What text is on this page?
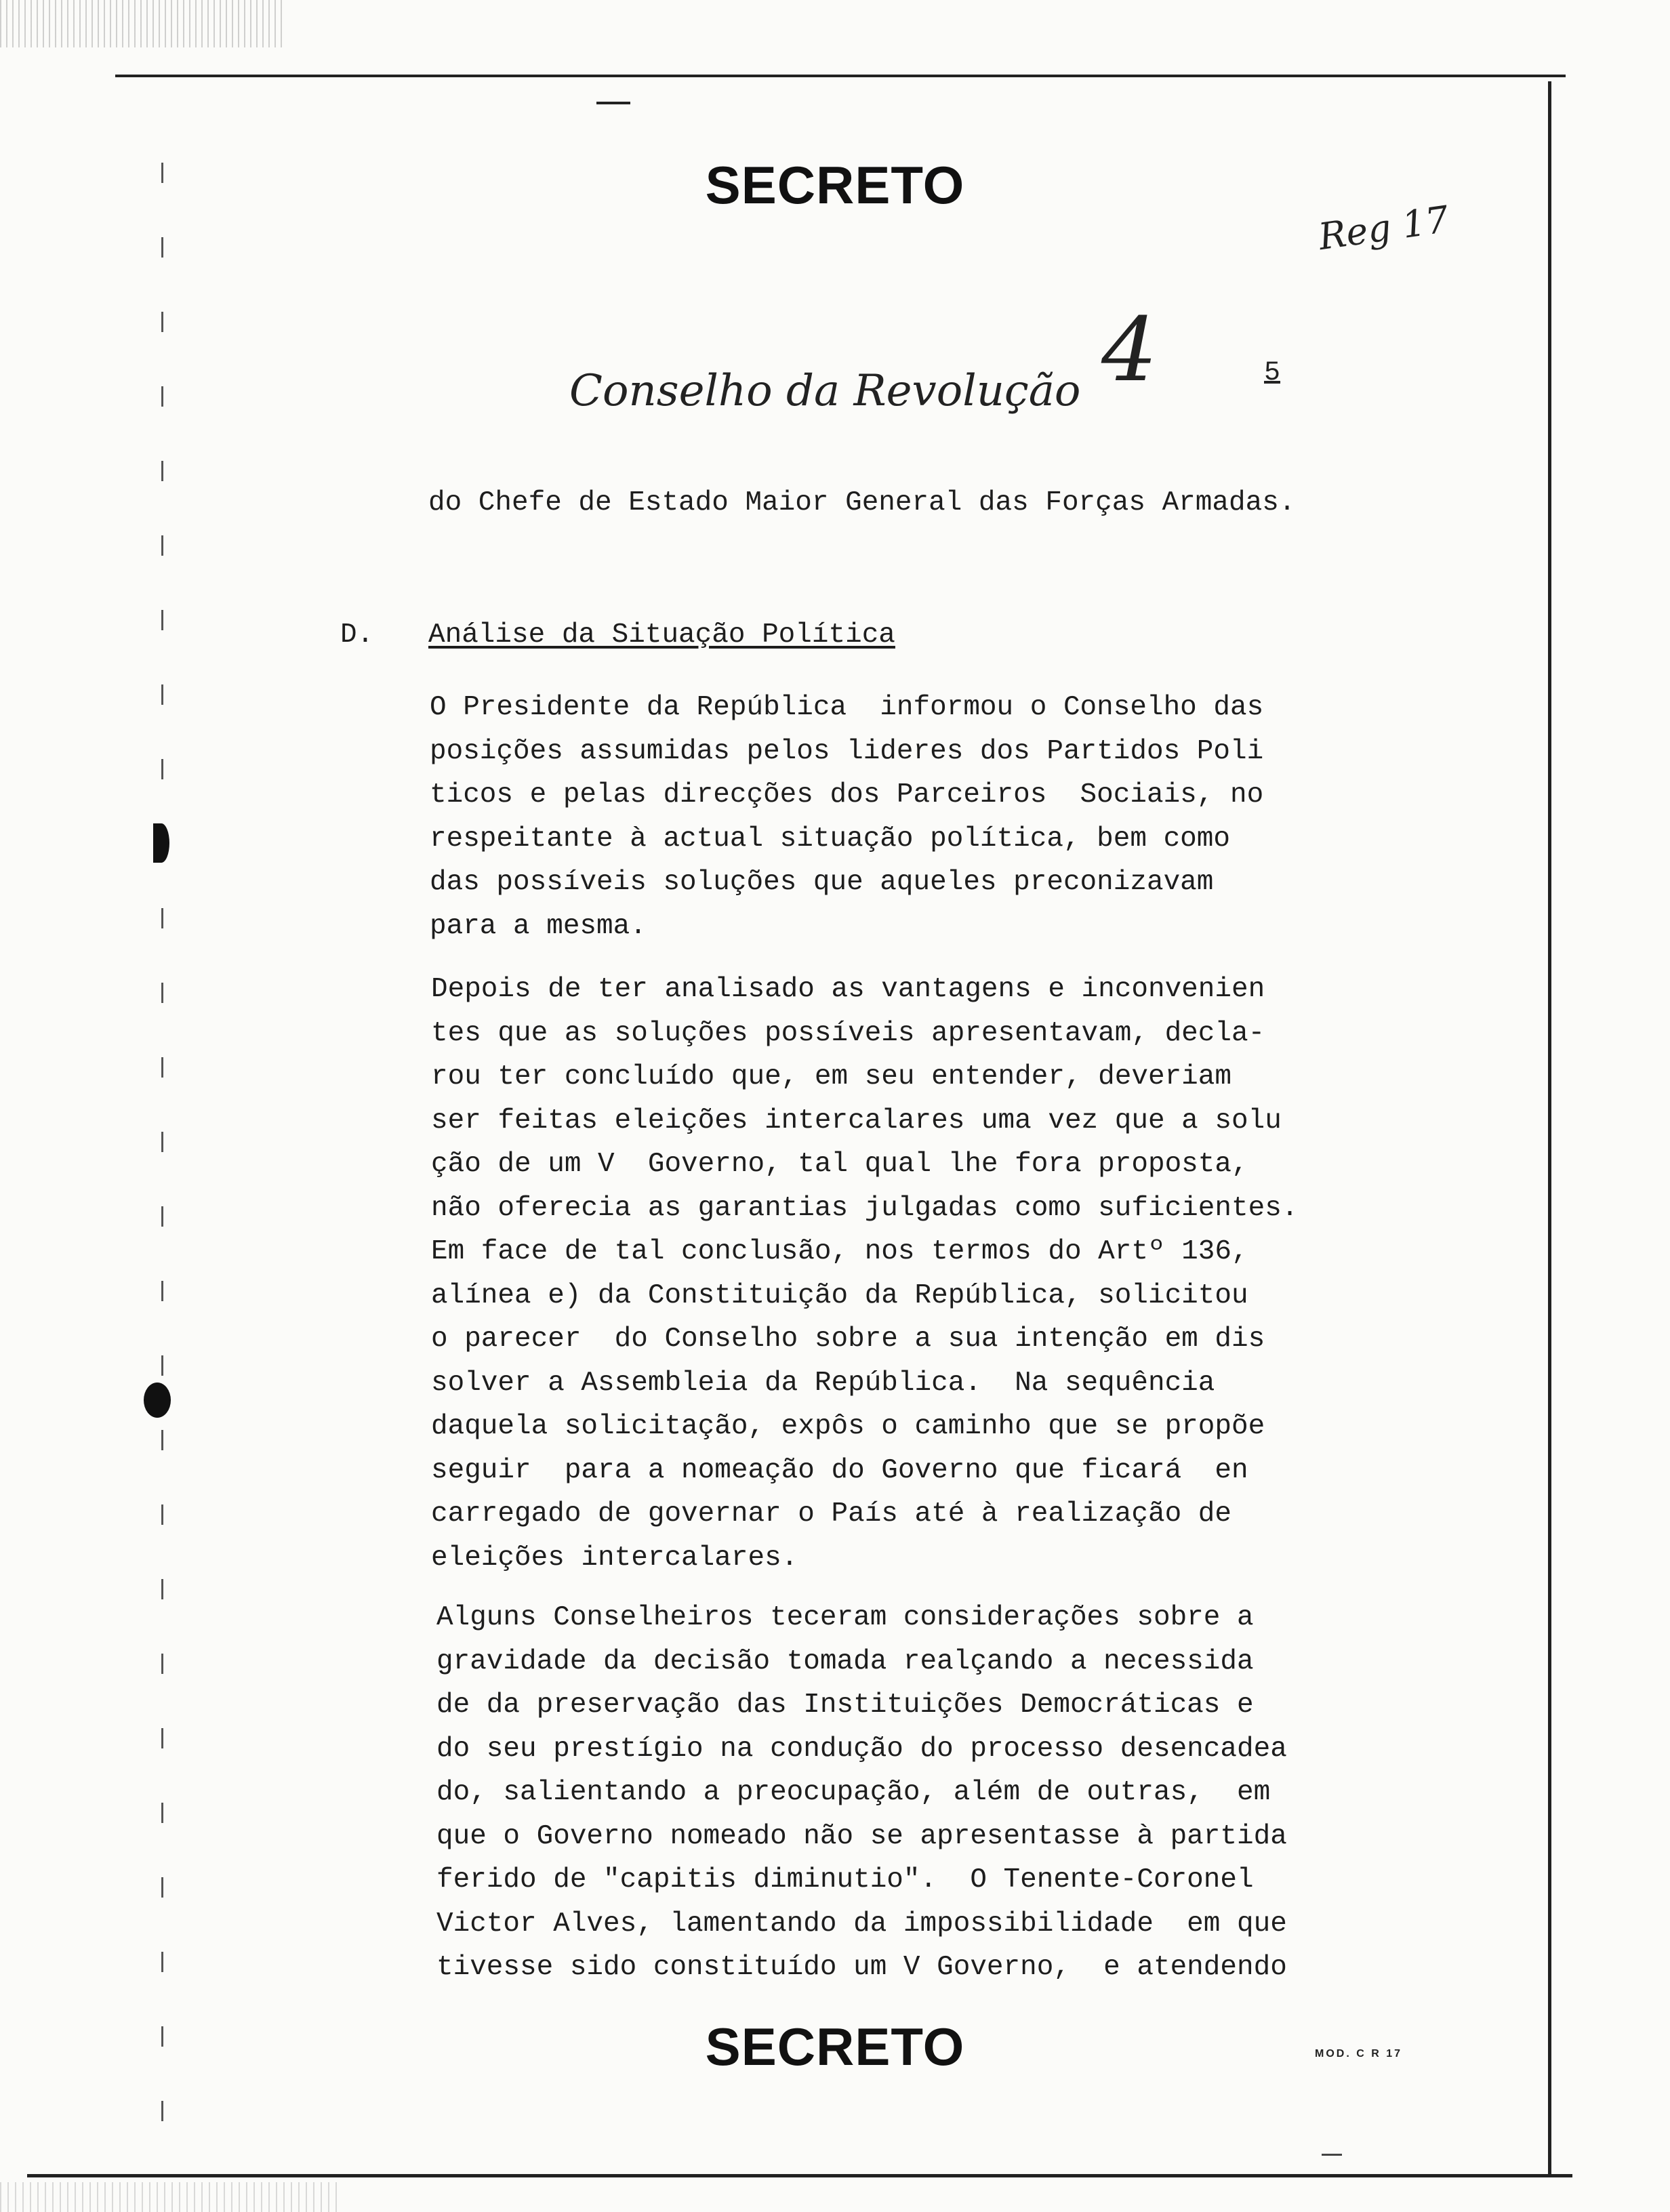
SECRETO
Reg 17
4	5
Conselho da Revolução
do Chefe de Estado Maior General das Forças Armadas.
D. Análise da Situação Política
O Presidente da República  informou o Conselho das
posições assumidas pelos lideres dos Partidos Poli
ticos e pelas direcções dos Parceiros  Sociais, no
respeitante à actual situação política, bem como
das possíveis soluções que aqueles preconizavam
para a mesma.
Depois de ter analisado as vantagens e inconvenien
tes que as soluções possíveis apresentavam, decla-
rou ter concluído que, em seu entender, deveriam
ser feitas eleições intercalares uma vez que a solu
ção de um V  Governo, tal qual lhe fora proposta,
não oferecia as garantias julgadas como suficientes.
Em face de tal conclusão, nos termos do Artº 136,
alínea e) da Constituição da República, solicitou
o parecer  do Conselho sobre a sua intenção em dis
solver a Assembleia da República.  Na sequência
daquela solicitação, expôs o caminho que se propõe
seguir  para a nomeação do Governo que ficará  en
carregado de governar o País até à realização de
eleições intercalares.
Alguns Conselheiros teceram considerações sobre a
gravidade da decisão tomada realçando a necessida
de da preservação das Instituições Democráticas e
do seu prestígio na condução do processo desencadea
do, salientando a preocupação, além de outras,  em
que o Governo nomeado não se apresentasse à partida
ferido de "capitis diminutio".  O Tenente-Coronel
Victor Alves, lamentando da impossibilidade  em que
tivesse sido constituído um V Governo,  e atendendo
SECRETO	MOD. C R 17
